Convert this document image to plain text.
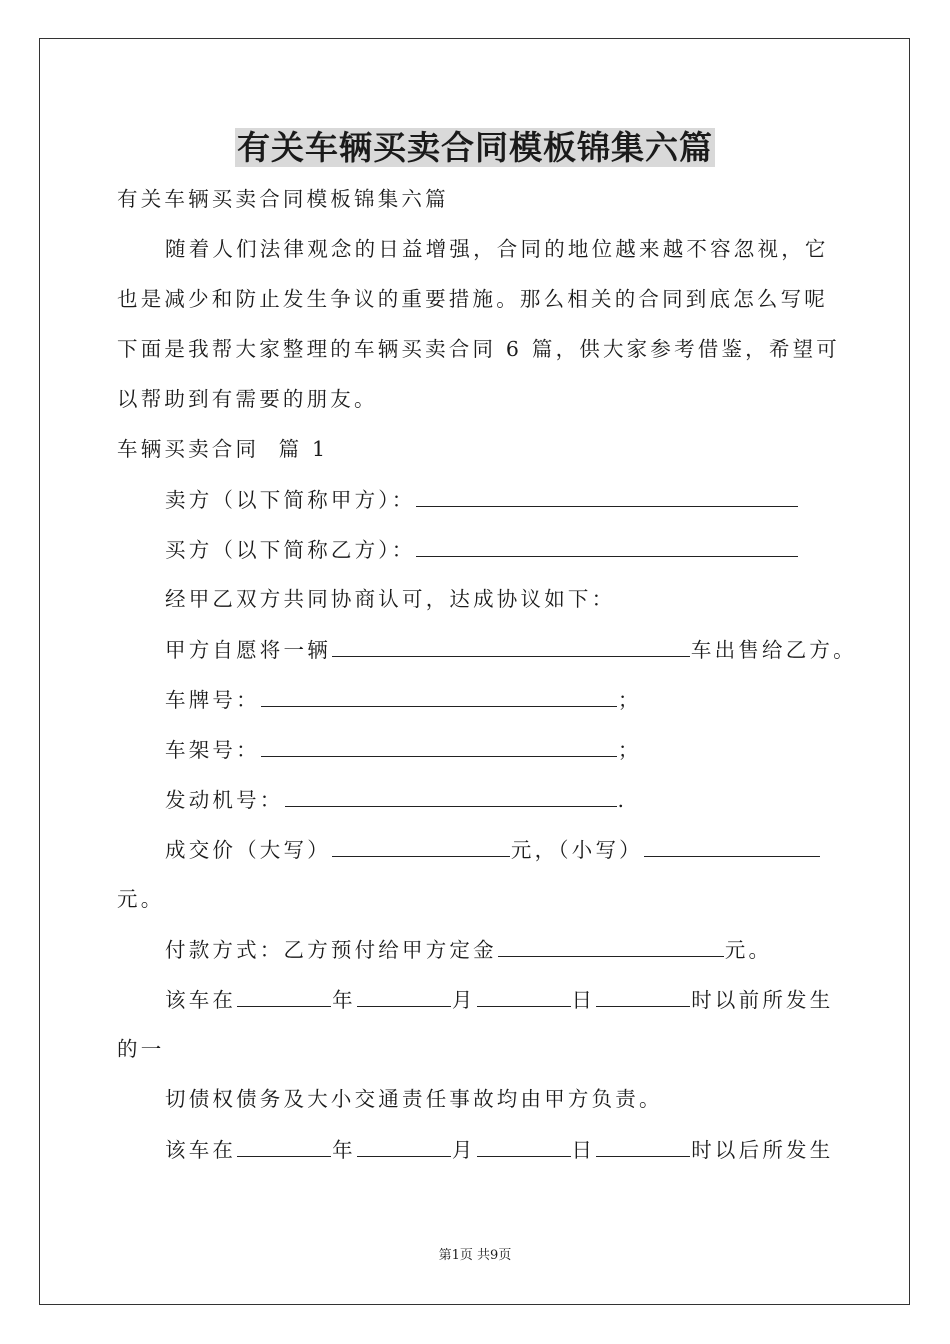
有关车辆买卖合同模板锦集六篇
有关车辆买卖合同模板锦集六篇
随着人们法律观念的日益增强，合同的地位越来越不容忽视，它
也是减少和防止发生争议的重要措施。那么相关的合同到底怎么写呢
下面是我帮大家整理的车辆买卖合同 6 篇，供大家参考借鉴，希望可
以帮助到有需要的朋友。
车辆买卖合同  篇 1
卖方（以下简称甲方）：
买方（以下简称乙方）：
经甲乙双方共同协商认可，达成协议如下：
甲方自愿将一辆	车出售给乙方。
车牌号：	；
车架号：	；
发动机号：	.
成交价（大写）	元，（小写）
元。
付款方式：乙方预付给甲方定金	元。
该车在	年	月	日	时以前所发生
的一
切债权债务及大小交通责任事故均由甲方负责。
该车在	年	月	日	时以后所发生
第1页 共9页
